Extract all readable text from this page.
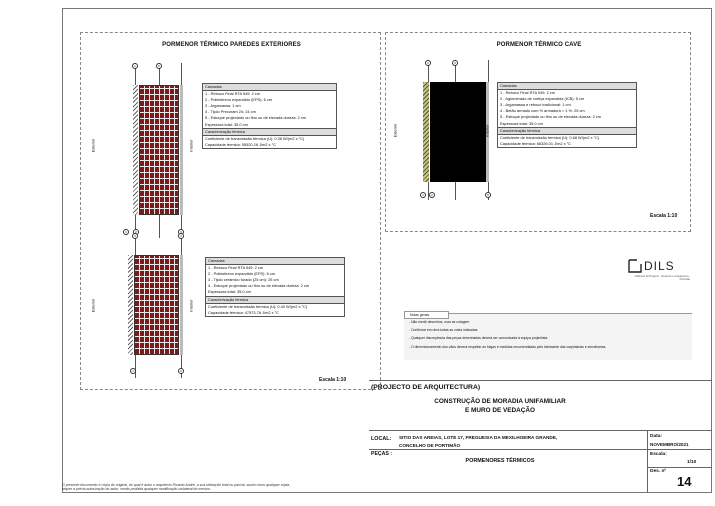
PORMENOR TÉRMICO PAREDES EXTERIORES
1	5
1	2	3
Exterior	Interior
Camadas
1 - Reboco Final RTA 549: 2 cm
2 - Poliestireno expandido (EPS): 6 cm
3 - Argamassa: 1 cm
4 - Tijolo Precoram 24: 24 cm
5 - Estuque projectado ou fino ou de elevada dureza: 2 cm
Espessura total: 35.0 cm
Caracterização térmica
Coeficiente de transmissão térmica (U): 0.36 W/(m2 x °C)
Capacidade térmica: 55520.26 J/m2 x °C
3	4
1	2
Exterior	Interior
Camadas
1 - Reboco Final RTA 549: 2 cm
2 - Poliestireno expandido (EPS): 6 cm
3 - Tijolo cerâmico furado (25 cm): 25 cm
4 - Estuque projectado ou fino ou de elevada dureza: 2 cm
Espessura total: 35.0 cm
Caracterização térmica
Coeficiente de transmissão térmica (U): 0.40 W/(m2 x °C)
Capacidade térmica: 47573.76 J/m2 x °C
Escala 1:10
PORMENOR TÉRMICO CAVE
3	4
1	2	5
Exterior	Interior
Camadas
1 - Reboco Final RTA 549: 2 cm
2 - Aglomerado de cortiça expandida (ICB): 5 cm
3 - Argamassa e reboco tradicional: 1 cm
4 - Betão armado com % armadura < 1 %: 25 cm
5 - Estuque projectado ou fino ou de elevada dureza: 2 cm
Espessura total: 35.0 cm
Caracterização térmica
Coeficiente de transmissão térmica (U): 0.68 W/(m2 x °C)
Capacidade térmica: 66326.01 J/m2 x °C
Escala 1:10
DILS
Gabinete de Projecto - Desenho e Arquitectura - Portimão
Notas gerais
- Não medir desenhos, usar as cotagem
- Confirmar em obra todas as cotas indicadas
- Qualquer discrepância das peças desenhadas deverá ser comunicada à equipa projectista
- O dimensionamento dos vãos deverá respeitar as folgas e medidas recomendadas pelo fabricante das carpintarias e serralharias
(PROJECTO DE ARQUITECTURA)
CONSTRUÇÃO DE MORADIA UNIFAMILIAR
E MURO DE VEDAÇÃO
LOCAL: SITIO DAS AREIAS, LOTE 17, FREGUESIA DA MEXILHOEIRA GRANDE,
CONCELHO DE PORTIMÃO
Data:
NOVEMBRO/2021
PEÇAS :
PORMENORES TÉRMICOS
Escala:
1/10
Des. nº
14
O presente documento é cópia do original, do qual é autor o arquitecto Ricardo André, a sua utilização total ou parcial, assim como qualquer cópia,
requer a prévia autorização do autor, sendo proibida qualquer modificação unilateral do mesmo.
